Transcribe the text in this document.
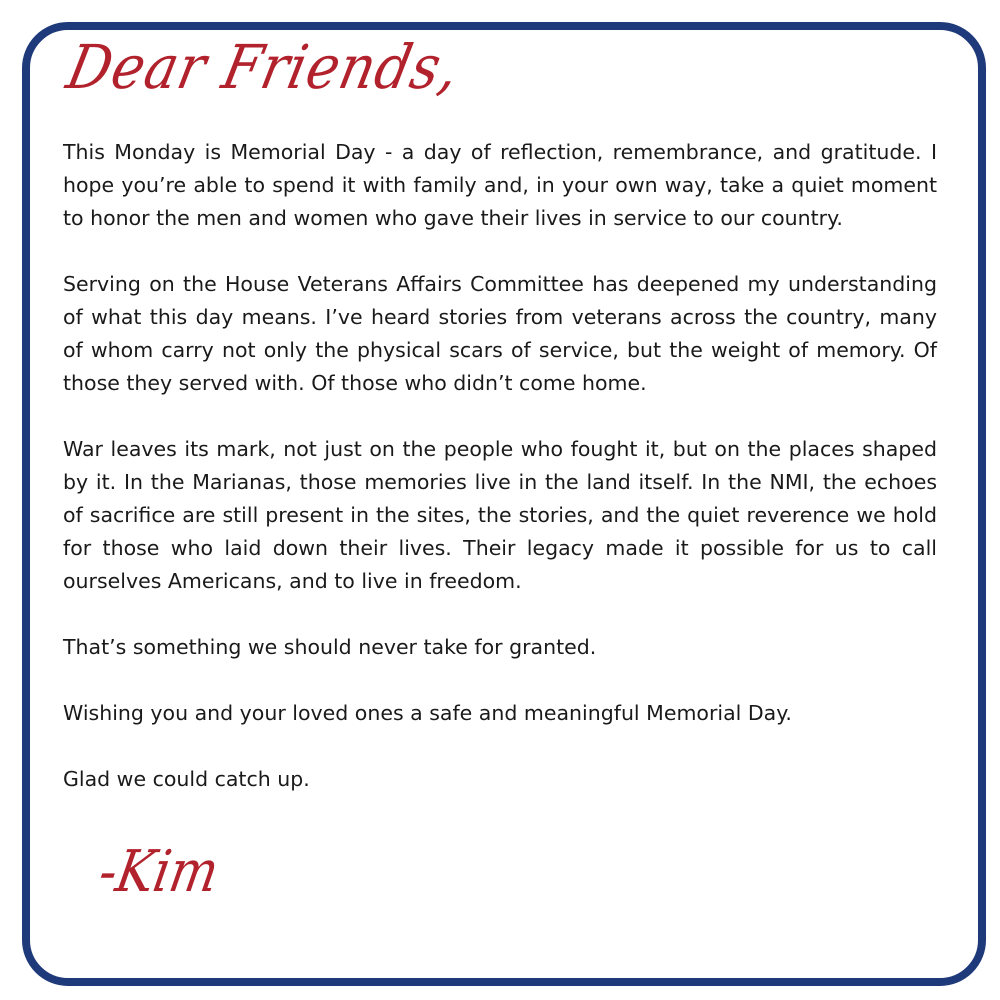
Dear Friends,

This Monday is Memorial Day - a day of reflection, remembrance, and gratitude. I hope you’re able to spend it with family and, in your own way, take a quiet moment to honor the men and women who gave their lives in service to our country.

Serving on the House Veterans Affairs Committee has deepened my understanding of what this day means. I’ve heard stories from veterans across the country, many of whom carry not only the physical scars of service, but the weight of memory. Of those they served with. Of those who didn’t come home.

War leaves its mark, not just on the people who fought it, but on the places shaped by it. In the Marianas, those memories live in the land itself. In the NMI, the echoes of sacrifice are still present in the sites, the stories, and the quiet reverence we hold for those who laid down their lives. Their legacy made it possible for us to call ourselves Americans, and to live in freedom.

That’s something we should never take for granted.

Wishing you and your loved ones a safe and meaningful Memorial Day.

Glad we could catch up.

-Kim
